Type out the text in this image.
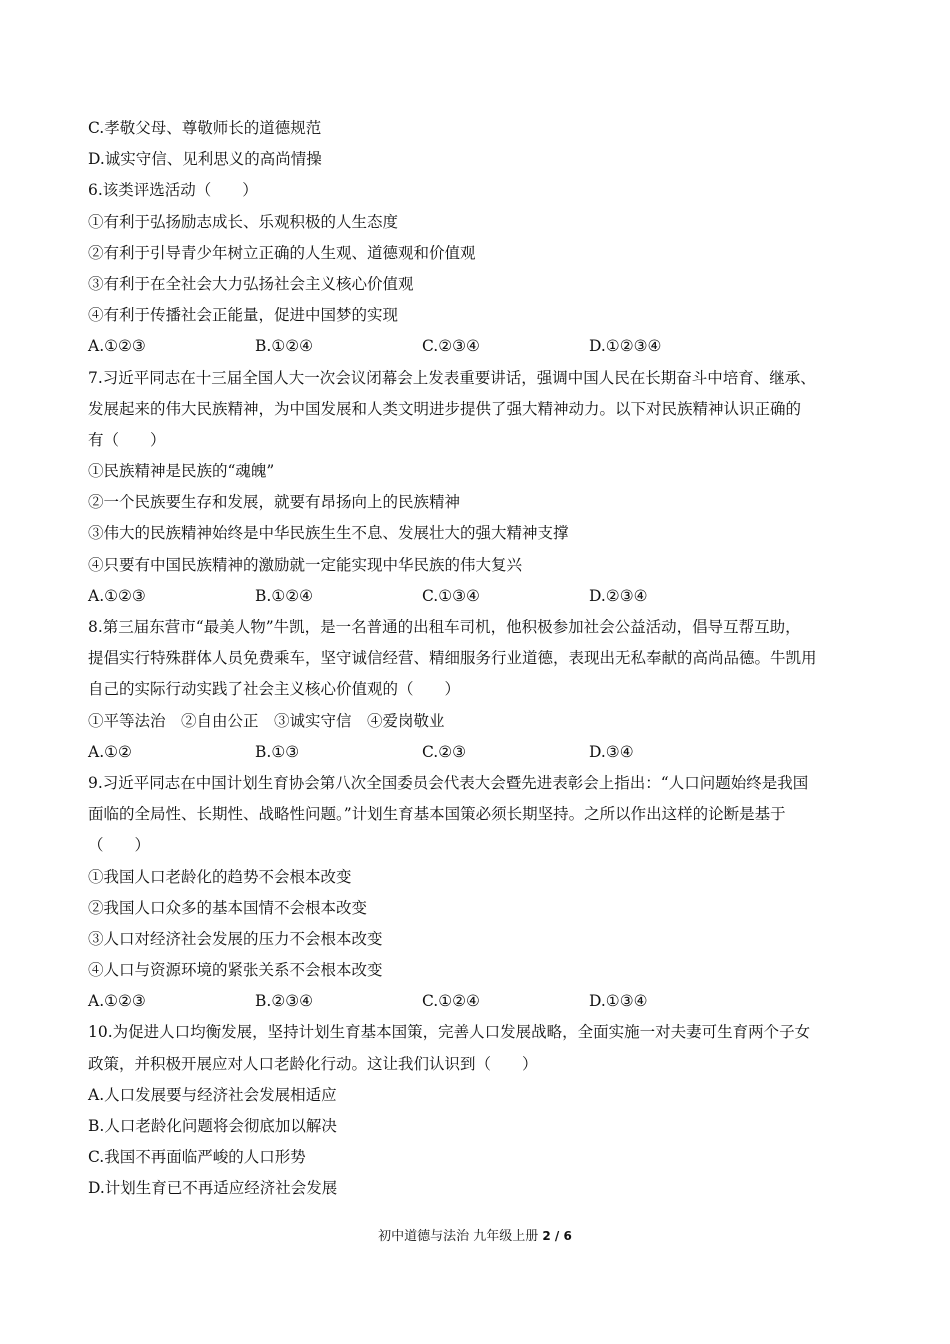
C.孝敬父母、尊敬师长的道德规范
D.诚实守信、见利思义的高尚情操
6.该类评选活动（　　）
①有利于弘扬励志成长、乐观积极的人生态度
②有利于引导青少年树立正确的人生观、道德观和价值观
③有利于在全社会大力弘扬社会主义核心价值观
④有利于传播社会正能量，促进中国梦的实现
A.①②③	B.①②④	C.②③④	D.①②③④
7.习近平同志在十三届全国人大一次会议闭幕会上发表重要讲话，强调中国人民在长期奋斗中培育、继承、
发展起来的伟大民族精神，为中国发展和人类文明进步提供了强大精神动力。以下对民族精神认识正确的
有（　　）
①民族精神是民族的“魂魄”
②一个民族要生存和发展，就要有昂扬向上的民族精神
③伟大的民族精神始终是中华民族生生不息、发展壮大的强大精神支撑
④只要有中国民族精神的激励就一定能实现中华民族的伟大复兴
A.①②③	B.①②④	C.①③④	D.②③④
8.第三届东营市“最美人物”牛凯，是一名普通的出租车司机，他积极参加社会公益活动，倡导互帮互助，
提倡实行特殊群体人员免费乘车，坚守诚信经营、精细服务行业道德，表现出无私奉献的高尚品德。牛凯用
自己的实际行动实践了社会主义核心价值观的（　　）
①平等法治　②自由公正　③诚实守信　④爱岗敬业
A.①②	B.①③	C.②③	D.③④
9.习近平同志在中国计划生育协会第八次全国委员会代表大会暨先进表彰会上指出：“人口问题始终是我国
面临的全局性、长期性、战略性问题。”计划生育基本国策必须长期坚持。之所以作出这样的论断是基于
（　　）
①我国人口老龄化的趋势不会根本改变
②我国人口众多的基本国情不会根本改变
③人口对经济社会发展的压力不会根本改变
④人口与资源环境的紧张关系不会根本改变
A.①②③	B.②③④	C.①②④	D.①③④
10.为促进人口均衡发展，坚持计划生育基本国策，完善人口发展战略，全面实施一对夫妻可生育两个子女
政策，并积极开展应对人口老龄化行动。这让我们认识到（　　）
A.人口发展要与经济社会发展相适应
B.人口老龄化问题将会彻底加以解决
C.我国不再面临严峻的人口形势
D.计划生育已不再适应经济社会发展
初中道德与法治 九年级上册 2 / 6
